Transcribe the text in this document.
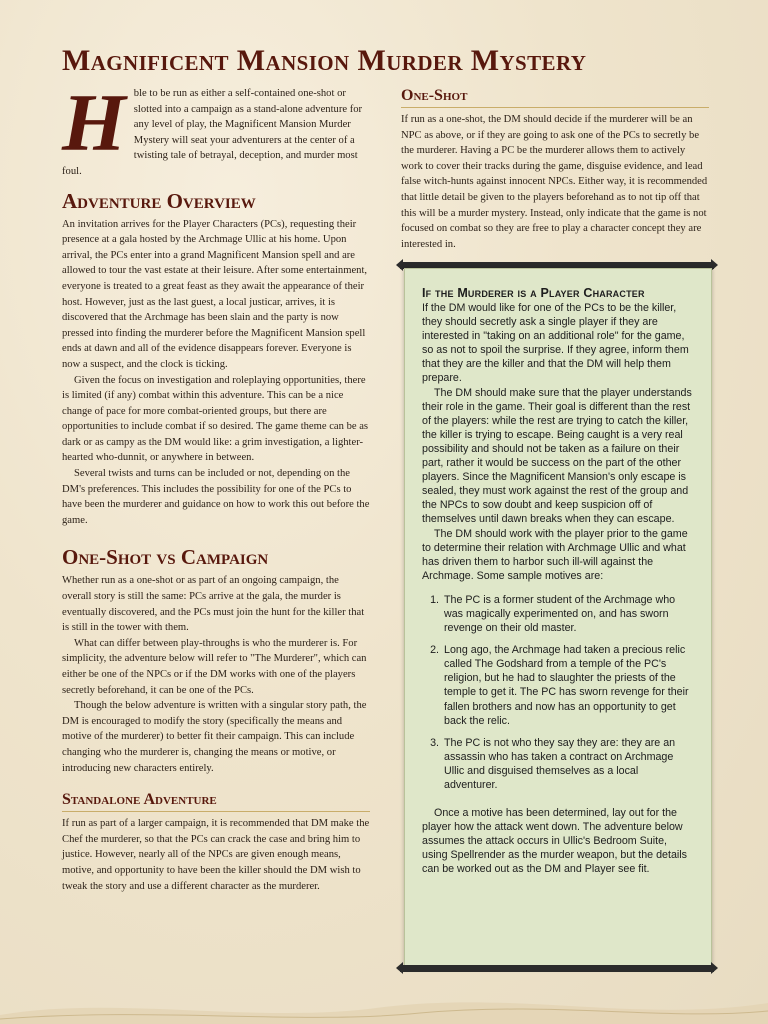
Magnificent Mansion Murder Mystery
H ble to be run as either a self-contained one-shot or slotted into a campaign as a stand-alone adventure for any level of play, the Magnificent Mansion Murder Mystery will seat your adventurers at the center of a twisting tale of betrayal, deception, and murder most foul.
Adventure Overview

An invitation arrives for the Player Characters (PCs), requesting their presence at a gala hosted by the Archmage Ullic at his home. Upon arrival, the PCs enter into a grand Magnificent Mansion spell and are allowed to tour the vast estate at their leisure. After some entertainment, everyone is treated to a great feast as they await the appearance of their host. However, just as the last guest, a local justicar, arrives, it is discovered that the Archmage has been slain and the party is now pressed into finding the murderer before the Magnificent Mansion spell ends at dawn and all of the evidence disappears forever. Everyone is now a suspect, and the clock is ticking.

Given the focus on investigation and roleplaying opportunities, there is limited (if any) combat within this adventure. This can be a nice change of pace for more combat-oriented groups, but there are opportunities to include combat if so desired. The game theme can be as dark or as campy as the DM would like: a grim investigation, a lighter-hearted who-dunnit, or anywhere in between.

Several twists and turns can be included or not, depending on the DM's preferences. This includes the possibility for one of the PCs to have been the murderer and guidance on how to work this out before the game.

One-Shot vs Campaign

Whether run as a one-shot or as part of an ongoing campaign, the overall story is still the same: PCs arrive at the gala, the murder is eventually discovered, and the PCs must join the hunt for the killer that is still in the tower with them.

What can differ between play-throughs is who the murderer is. For simplicity, the adventure below will refer to "The Murderer", which can either be one of the NPCs or if the DM works with one of the players secretly beforehand, it can be one of the PCs.

Though the below adventure is written with a singular story path, the DM is encouraged to modify the story (specifically the means and motive of the murderer) to better fit their campaign. This can include changing who the murderer is, changing the means or motive, or introducing new characters entirely.

Standalone Adventure

If run as part of a larger campaign, it is recommended that DM make the Chef the murderer, so that the PCs can crack the case and bring him to justice. However, nearly all of the NPCs are given enough means, motive, and opportunity to have been the killer should the DM wish to tweak the story and use a different character as the murderer.

One-Shot

If run as a one-shot, the DM should decide if the murderer will be an NPC as above, or if they are going to ask one of the PCs to secretly be the murderer. Having a PC be the murderer allows them to actively work to cover their tracks during the game, disguise evidence, and lead false witch-hunts against innocent NPCs. Either way, it is recommended that little detail be given to the players beforehand as to not tip off that this will be a murder mystery. Instead, only indicate that the game is not focused on combat so they are free to play a character concept they are interested in.

If the Murderer is a Player Character

If the DM would like for one of the PCs to be the killer, they should secretly ask a single player if they are interested in "taking on an additional role" for the game, so as not to spoil the surprise. If they agree, inform them that they are the killer and that the DM will help them prepare.

The DM should make sure that the player understands their role in the game. Their goal is different than the rest of the players: while the rest are trying to catch the killer, the killer is trying to escape. Being caught is a very real possibility and should not be taken as a failure on their part, rather it would be success on the part of the other players. Since the Magnificent Mansion's only escape is sealed, they must work against the rest of the group and the NPCs to sow doubt and keep suspicion off of themselves until dawn breaks when they can escape.

The DM should work with the player prior to the game to determine their relation with Archmage Ullic and what has driven them to harbor such ill-will against the Archmage. Some sample motives are:

1. The PC is a former student of the Archmage who was magically experimented on, and has sworn revenge on their old master.
2. Long ago, the Archmage had taken a precious relic called The Godshard from a temple of the PC's religion, but he had to slaughter the priests of the temple to get it. The PC has sworn revenge for their fallen brothers and now has an opportunity to get back the relic.
3. The PC is not who they say they are: they are an assassin who has taken a contract on Archmage Ullic and disguised themselves as a local adventurer.

Once a motive has been determined, lay out for the player how the attack went down. The adventure below assumes the attack occurs in Ullic's Bedroom Suite, using Spellrender as the murder weapon, but the details can be worked out as the DM and Player see fit.
